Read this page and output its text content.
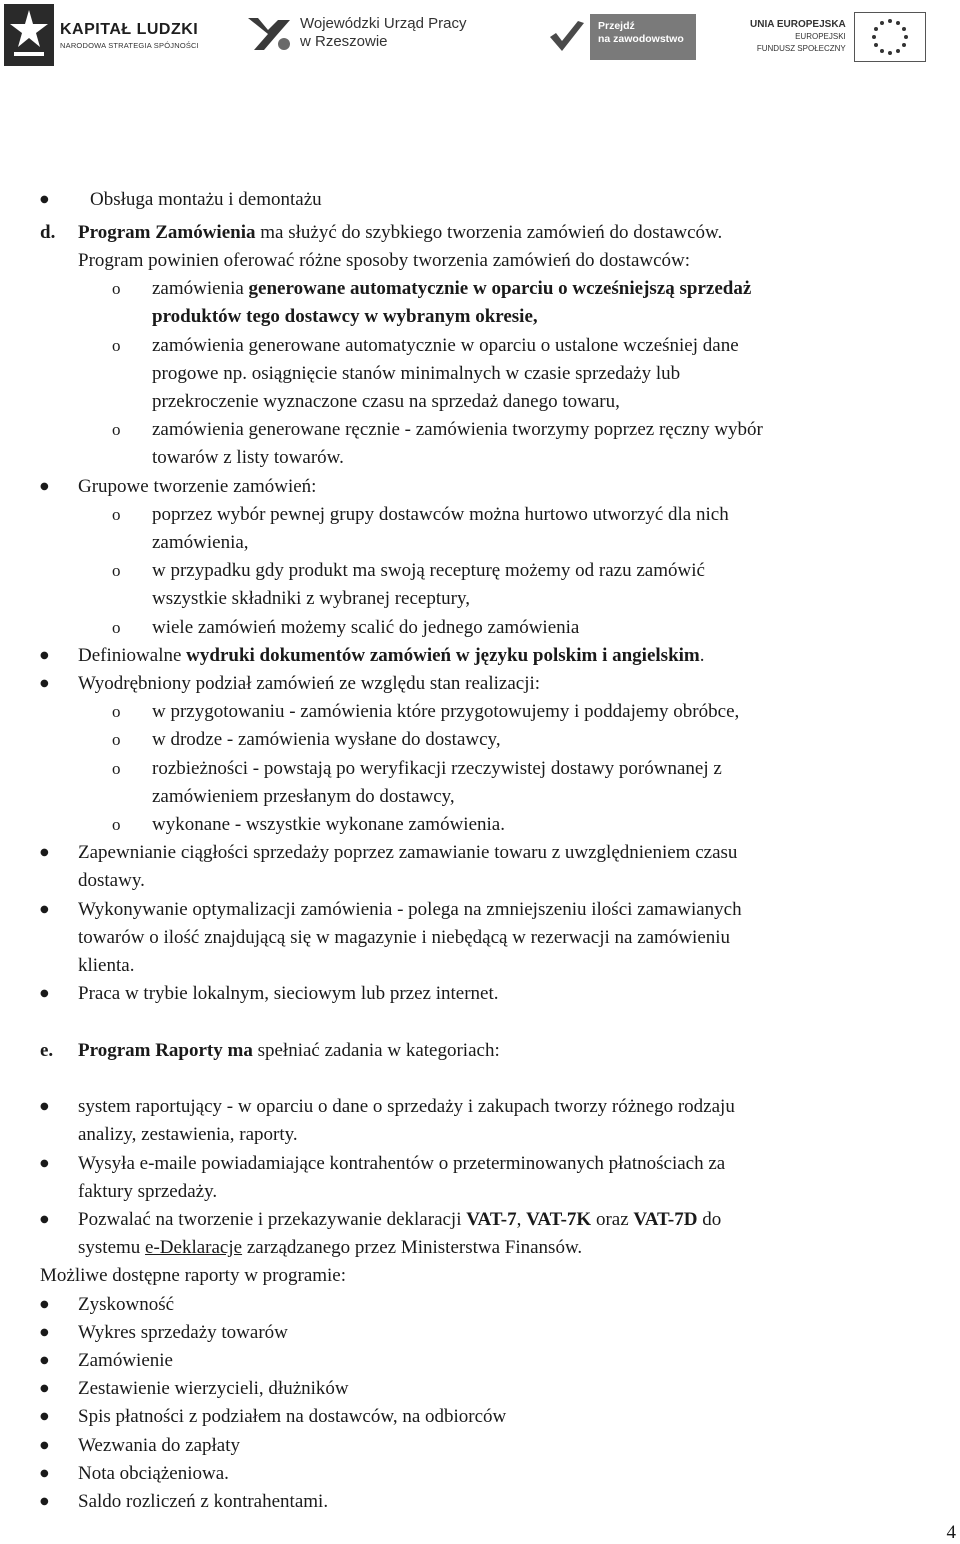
KAPITAŁ LUDZKI
NARODOWA STRATEGIA SPÓJNOŚCI
Wojewódzki Urząd Pracy
w Rzeszowie
Przejdź
na zawodowstwo
UNIA EUROPEJSKA
EUROPEJSKI
FUNDUSZ SPOŁECZNY
● Obsługa montażu i demontażu
d. Program Zamówienia ma służyć do szybkiego tworzenia zamówień do dostawców.
Program powinien oferować różne sposoby tworzenia zamówień do dostawców:
o zamówienia generowane automatycznie w oparciu o wcześniejszą sprzedaż
produktów tego dostawcy w wybranym okresie,
o zamówienia generowane automatycznie w oparciu o ustalone wcześniej dane
progowe np. osiągnięcie stanów minimalnych w czasie sprzedaży lub
przekroczenie wyznaczone czasu na sprzedaż danego towaru,
o zamówienia generowane ręcznie - zamówienia tworzymy poprzez ręczny wybór
towarów z listy towarów.
● Grupowe tworzenie zamówień:
o poprzez wybór pewnej grupy dostawców można hurtowo utworzyć dla nich
zamówienia,
o w przypadku gdy produkt ma swoją recepturę możemy od razu zamówić
wszystkie składniki z wybranej receptury,
o wiele zamówień możemy scalić do jednego zamówienia
● Definiowalne wydruki dokumentów zamówień w języku polskim i angielskim.
● Wyodrębniony podział zamówień ze względu stan realizacji:
o w przygotowaniu - zamówienia które przygotowujemy i poddajemy obróbce,
o w drodze - zamówienia wysłane do dostawcy,
o rozbieżności - powstają po weryfikacji rzeczywistej dostawy porównanej z
zamówieniem przesłanym do dostawcy,
o wykonane - wszystkie wykonane zamówienia.
● Zapewnianie ciągłości sprzedaży poprzez zamawianie towaru z uwzględnieniem czasu
dostawy.
● Wykonywanie optymalizacji zamówienia - polega na zmniejszeniu ilości zamawianych
towarów o ilość znajdującą się w magazynie i niebędącą w rezerwacji na zamówieniu
klienta.
● Praca w trybie lokalnym, sieciowym lub przez internet.
e. Program Raporty ma spełniać zadania w kategoriach:
● system raportujący - w oparciu o dane o sprzedaży i zakupach tworzy różnego rodzaju
analizy, zestawienia, raporty.
● Wysyła e-maile powiadamiające kontrahentów o przeterminowanych płatnościach za
faktury sprzedaży.
● Pozwalać na tworzenie i przekazywanie deklaracji VAT-7, VAT-7K oraz VAT-7D do
systemu e-Deklaracje zarządzanego przez Ministerstwa Finansów.
Możliwe dostępne raporty w programie:
● Zyskowność
● Wykres sprzedaży towarów
● Zamówienie
● Zestawienie wierzycieli, dłużników
● Spis płatności z podziałem na dostawców, na odbiorców
● Wezwania do zapłaty
● Nota obciążeniowa.
● Saldo rozliczeń z kontrahentami.
4
